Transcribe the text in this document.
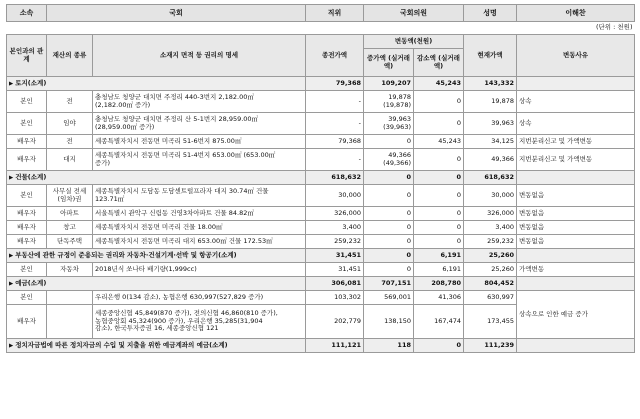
소속	국회		직위	국회의원		성명	이해찬
(단위 : 천원)							
본인과의 관계	재산의 종류	소재지 면적 등 권리의 명세	종전가액	변동액(천원)		현재가액	변동사유
				증가액 (실거래액)	감소액 (실거래액)		
▶ 토지(소계)			79,368	109,207	45,243	143,332	
본인	전	충청남도 청양군 대치면 주정리 440-3번지 2,182.00㎡
(2,182.00㎡ 증가)	-	19,878
(19,878)	0	19,878	상속
본인	임야	충청남도 청양군 대치면 주정리 산 5-1번지 28,959.00㎡
(28,959.00㎡ 증가)	-	39,963
(39,963)	0	39,963	상속
배우자	전	세종특별자치시 전동면 미곡리 51-6번지 875.00㎡	79,368	0	45,243	34,125	지번분리신고 및 가액변동
배우자	대지	세종특별자치시 전동면 미곡리 51-4번지 653.00㎡ (653.00㎡
증가)	-	49,366
(49,366)	0	49,366	지번분리신고 및 가액변동
▶ 건물(소계)			618,632	0	0	618,632	
본인	사무실 전세(임차)권	세종특별자치시 도담동 도담센트럴프라자 대지 30.74㎡ 건물
123.71㎡	30,000	0	0	30,000	변동없음
배우자	아파트	서울특별시 관악구 신림동 건영3차아파트 건물 84.82㎡	326,000	0	0	326,000	변동없음
배우자	창고	세종특별자치시 전동면 미곡리 건물 18.00㎡	3,400	0	0	3,400	변동없음
배우자	단독주택	세종특별자치시 전동면 미곡리 대지 653.00㎡ 건물 172.53㎡	259,232	0	0	259,232	변동없음
▶ 부동산에 관한 규정이 준용되는 권리와 자동차·건설기계·선박 및 항공기(소계)			31,451	0	6,191	25,260	
본인	자동차	2018년식 쏘나타 배기량(1,999cc)	31,451	0	6,191	25,260	가액변동
▶ 예금(소계)			306,081	707,151	208,780	804,452	
본인		우리은행 0(134 감소), 농협은행 630,997(527,829 증가)	103,302	569,001	41,306	630,997	상속으로 인한 예금 증가
배우자		세종중앙신협 45,849(870 증가), 전의신협 46,860(810 증가),
농협중앙회 45,324(900 증가), 우리은행 35,285(31,904
감소), 한국투자증권 16, 세종중앙신협 121	202,779	138,150	167,474	173,455	
▶ 정치자금법에 따른 정치자금의 수입 및 지출을 위한 예금계좌의 예금(소계)			111,121	118	0	111,239	
